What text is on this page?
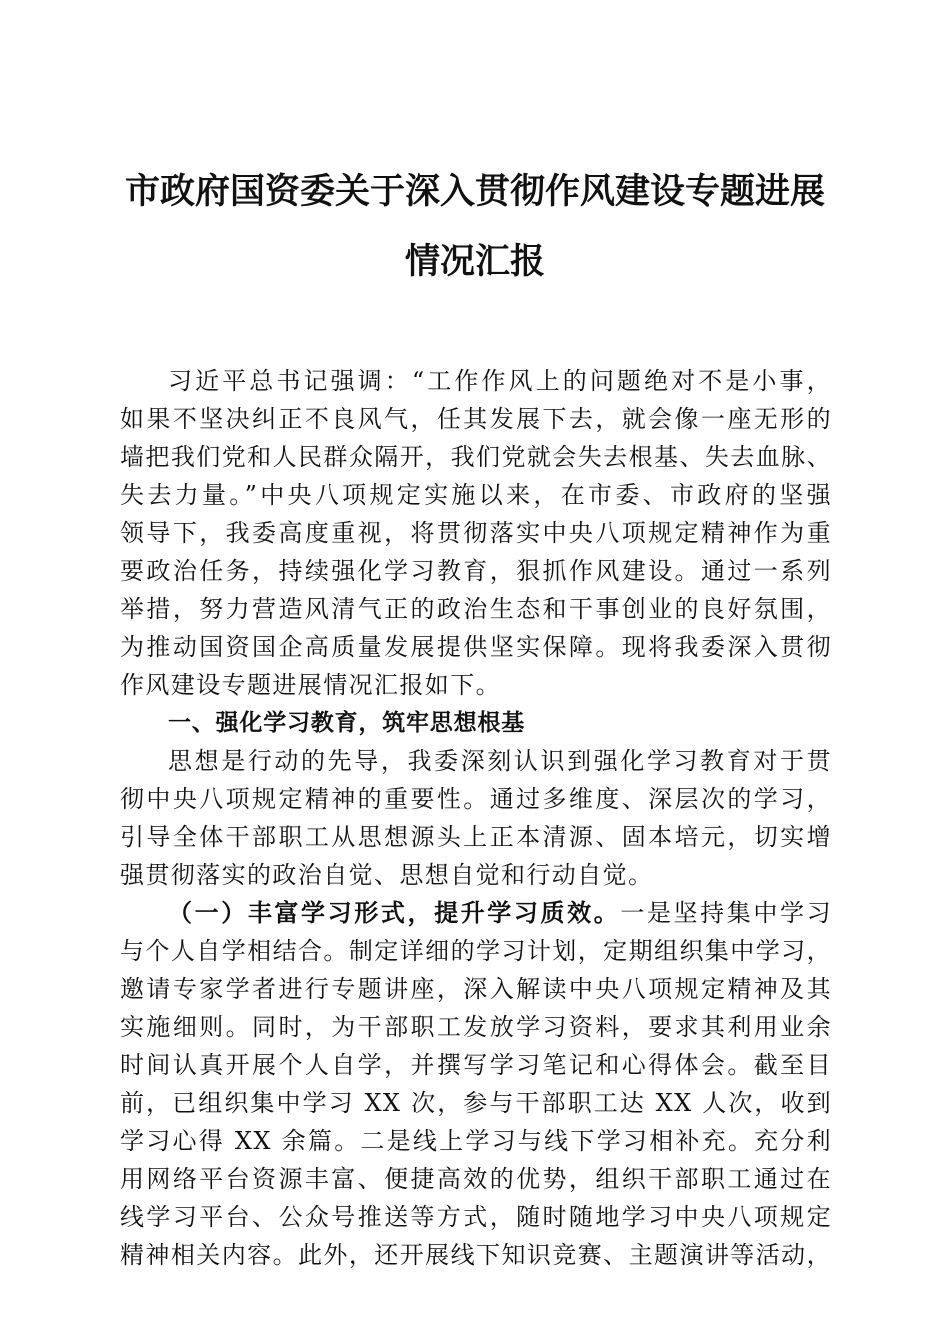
市政府国资委关于深入贯彻作风建设专题进展
情况汇报
习近平总书记强调：“工作作风上的问题绝对不是小事，
如果不坚决纠正不良风气，任其发展下去，就会像一座无形的
墙把我们党和人民群众隔开，我们党就会失去根基、失去血脉、
失去力量。”中央八项规定实施以来，在市委、市政府的坚强
领导下，我委高度重视，将贯彻落实中央八项规定精神作为重
要政治任务，持续强化学习教育，狠抓作风建设。通过一系列
举措，努力营造风清气正的政治生态和干事创业的良好氛围，
为推动国资国企高质量发展提供坚实保障。现将我委深入贯彻
作风建设专题进展情况汇报如下。
一、强化学习教育，筑牢思想根基
思想是行动的先导，我委深刻认识到强化学习教育对于贯
彻中央八项规定精神的重要性。通过多维度、深层次的学习，
引导全体干部职工从思想源头上正本清源、固本培元，切实增
强贯彻落实的政治自觉、思想自觉和行动自觉。
（一）丰富学习形式，提升学习质效。一是坚持集中学习
与个人自学相结合。制定详细的学习计划，定期组织集中学习，
邀请专家学者进行专题讲座，深入解读中央八项规定精神及其
实施细则。同时，为干部职工发放学习资料，要求其利用业余
时间认真开展个人自学，并撰写学习笔记和心得体会。截至目
前，已组织集中学习 XX 次，参与干部职工达 XX 人次，收到
学习心得 XX 余篇。二是线上学习与线下学习相补充。充分利
用网络平台资源丰富、便捷高效的优势，组织干部职工通过在
线学习平台、公众号推送等方式，随时随地学习中央八项规定
精神相关内容。此外，还开展线下知识竞赛、主题演讲等活动，
